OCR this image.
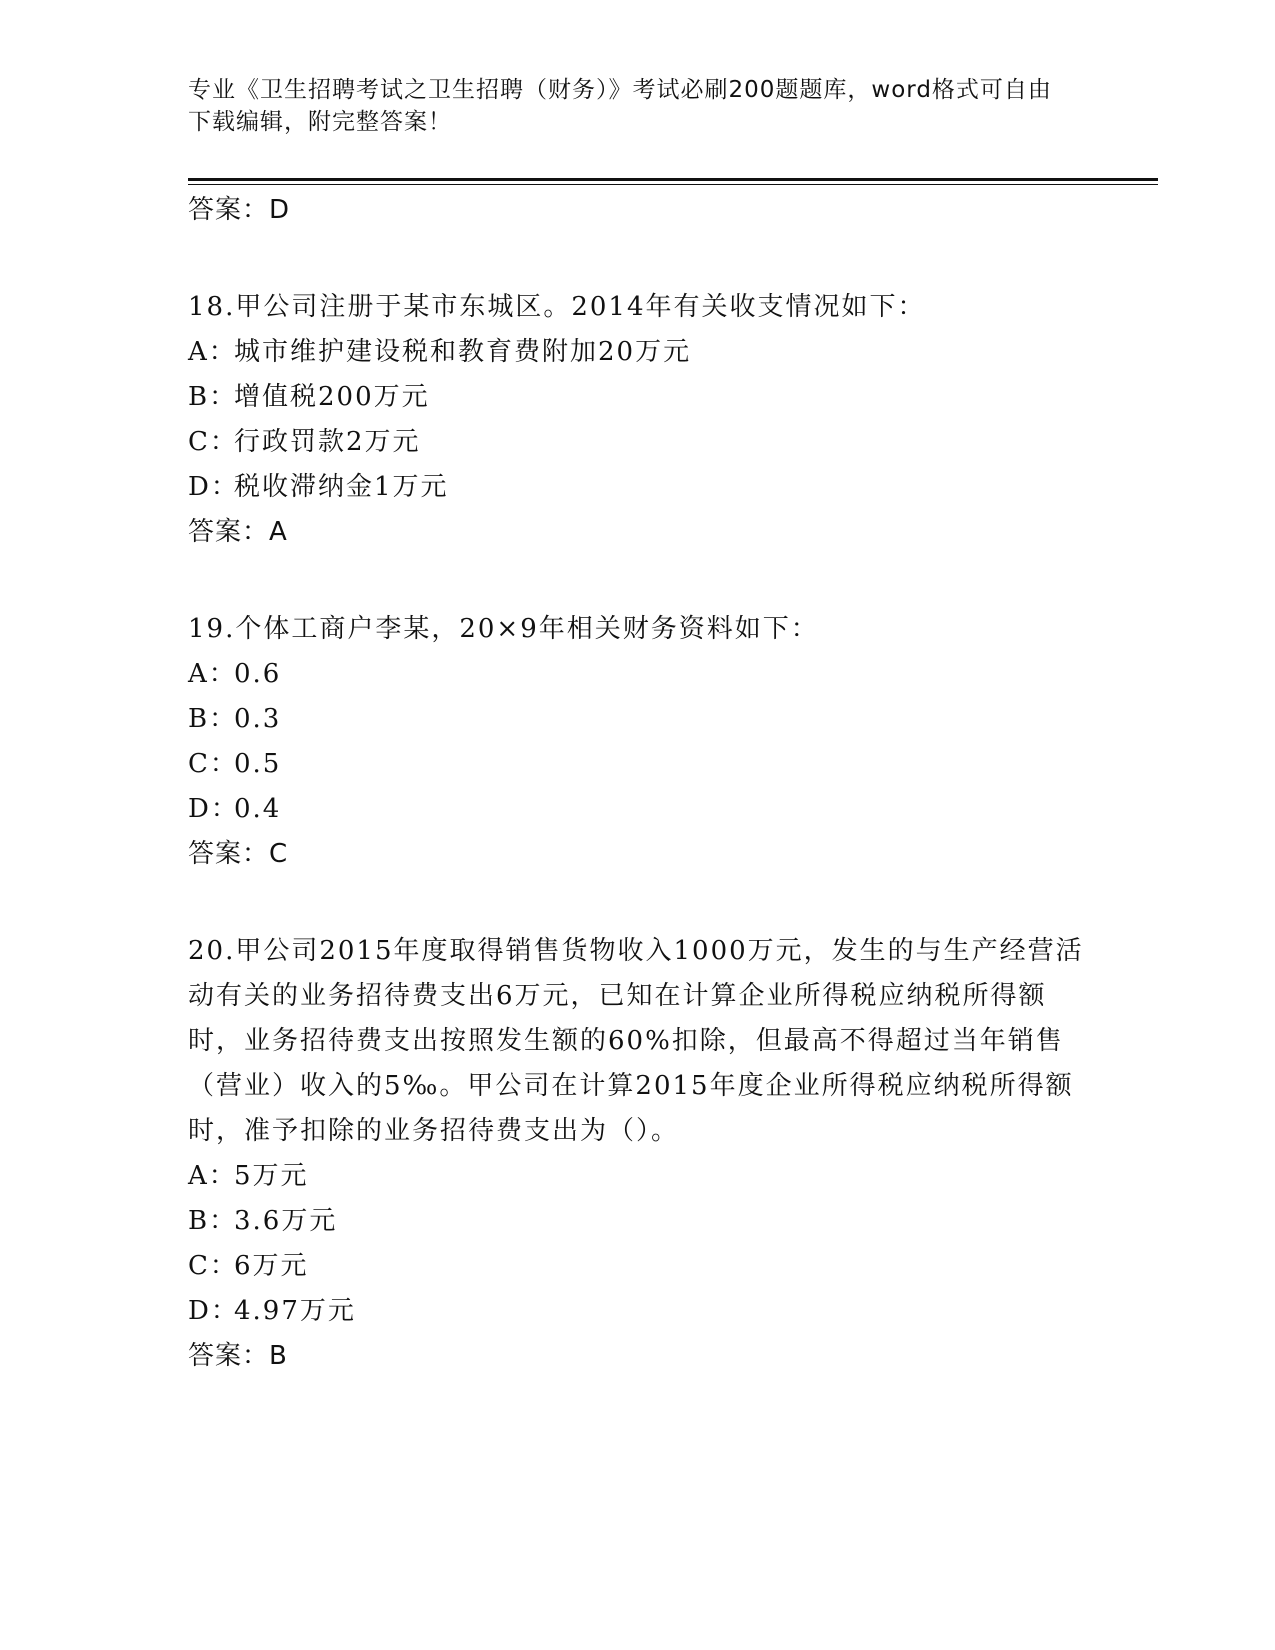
专业《卫生招聘考试之卫生招聘（财务）》考试必刷200题题库，word格式可自由下载编辑，附完整答案！
答案：D
18.甲公司注册于某市东城区。2014年有关收支情况如下：
A：城市维护建设税和教育费附加20万元
B：增值税200万元
C：行政罚款2万元
D：税收滞纳金1万元
答案：A
19.个体工商户李某，20×9年相关财务资料如下：
A：0.6
B：0.3
C：0.5
D：0.4
答案：C
20.甲公司2015年度取得销售货物收入1000万元，发生的与生产经营活动有关的业务招待费支出6万元，已知在计算企业所得税应纳税所得额时，业务招待费支出按照发生额的60%扣除，但最高不得超过当年销售（营业）收入的5‰。甲公司在计算2015年度企业所得税应纳税所得额时，准予扣除的业务招待费支出为（）。
A：5万元
B：3.6万元
C：6万元
D：4.97万元
答案：B
